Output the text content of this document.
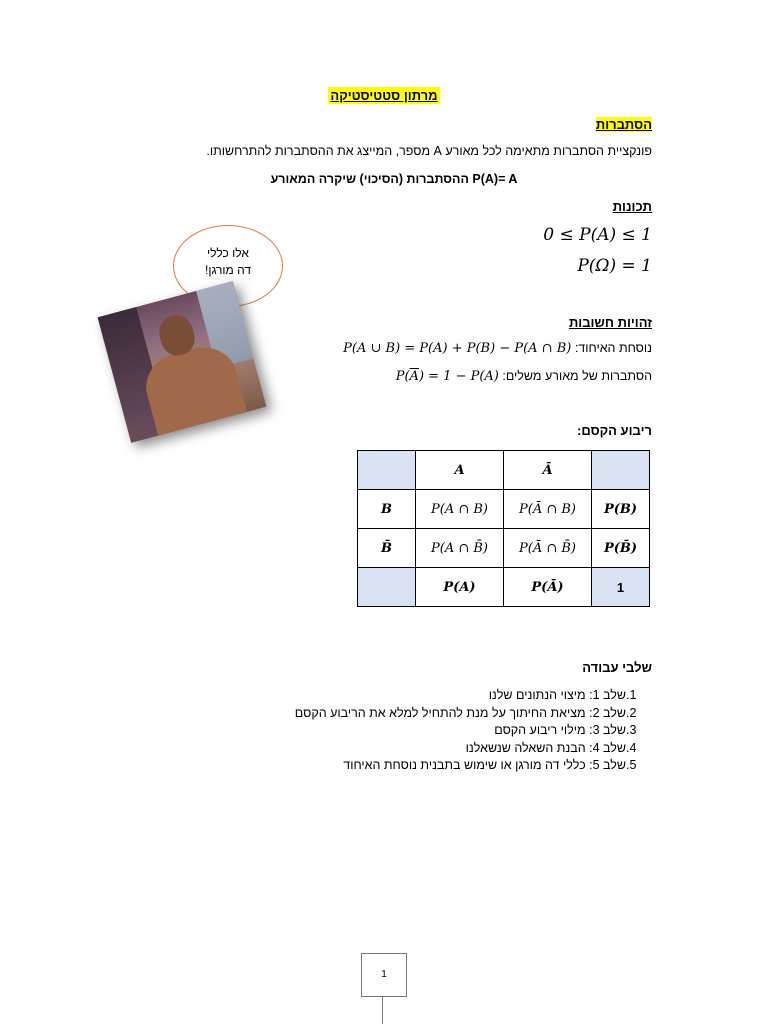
מרתון סטטיסטיקה
הסתברות
פונקציית הסתברות מתאימה לכל מאורע A מספר, המייצג את ההסתברות להתרחשותו.
P(A)= A ההסתברות (הסיכוי) שיקרה המאורע
תכונות
0 ≤ P(A) ≤ 1
P(Ω) = 1
אלו כללי
דה מורגן!
זהויות חשובות
נוסחת האיחוד: P(A ∪ B) = P(A) + P(B) − P(A ∩ B)
הסתברות של מאורע משלים: $P(\overline{A}) = 1 - P(A)$
ריבוע הקסם:
	A	Ā	
B	P(A ∩ B)	P(Ā ∩ B)	P(B)
B̄	P(A ∩ B̄)	P(Ā ∩ B̄)	P(B̄)
	P(A)	P(Ā)	1
שלבי עבודה
1.שלב 1: מיצוי הנתונים שלנו
2.שלב 2: מציאת החיתוך על מנת להתחיל למלא את הריבוע הקסם
3.שלב 3: מילוי ריבוע הקסם
4.שלב 4: הבנת השאלה שנשאלנו
5.שלב 5: כללי דה מורגן או שימוש בתבנית נוסחת האיחוד
1
